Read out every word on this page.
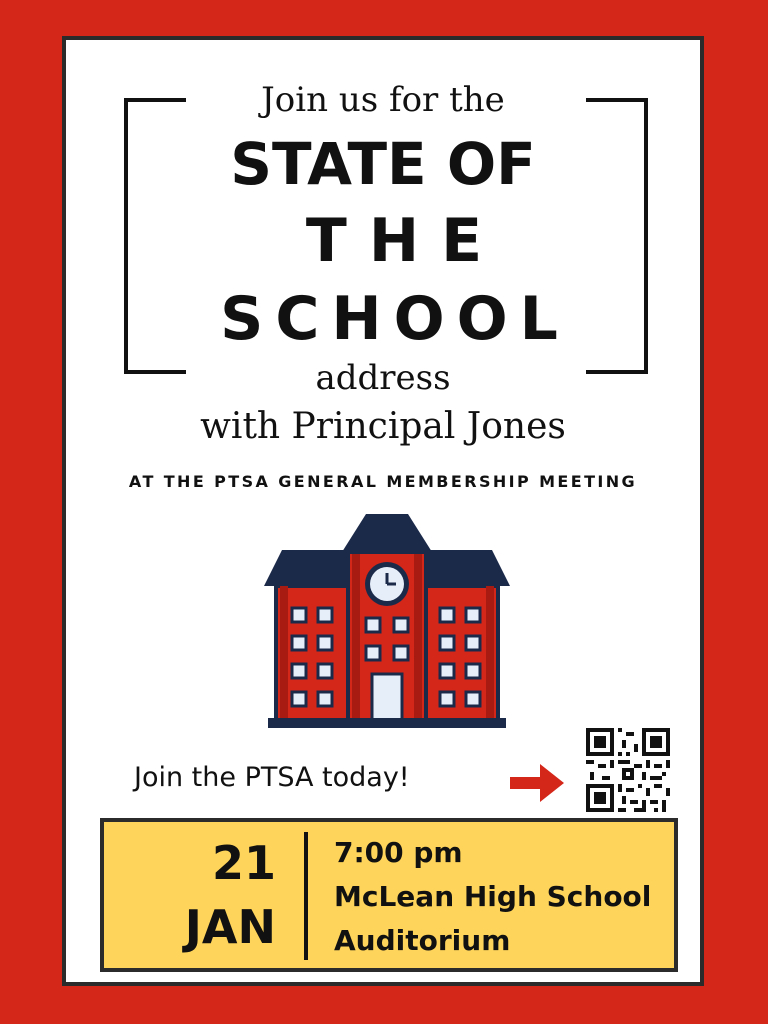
Join us for the
STATE OF
THE
SCHOOL
address
with Principal Jones
AT THE PTSA GENERAL MEMBERSHIP MEETING
Join the PTSA today!
21
JAN
7:00 pm
McLean High School
Auditorium
